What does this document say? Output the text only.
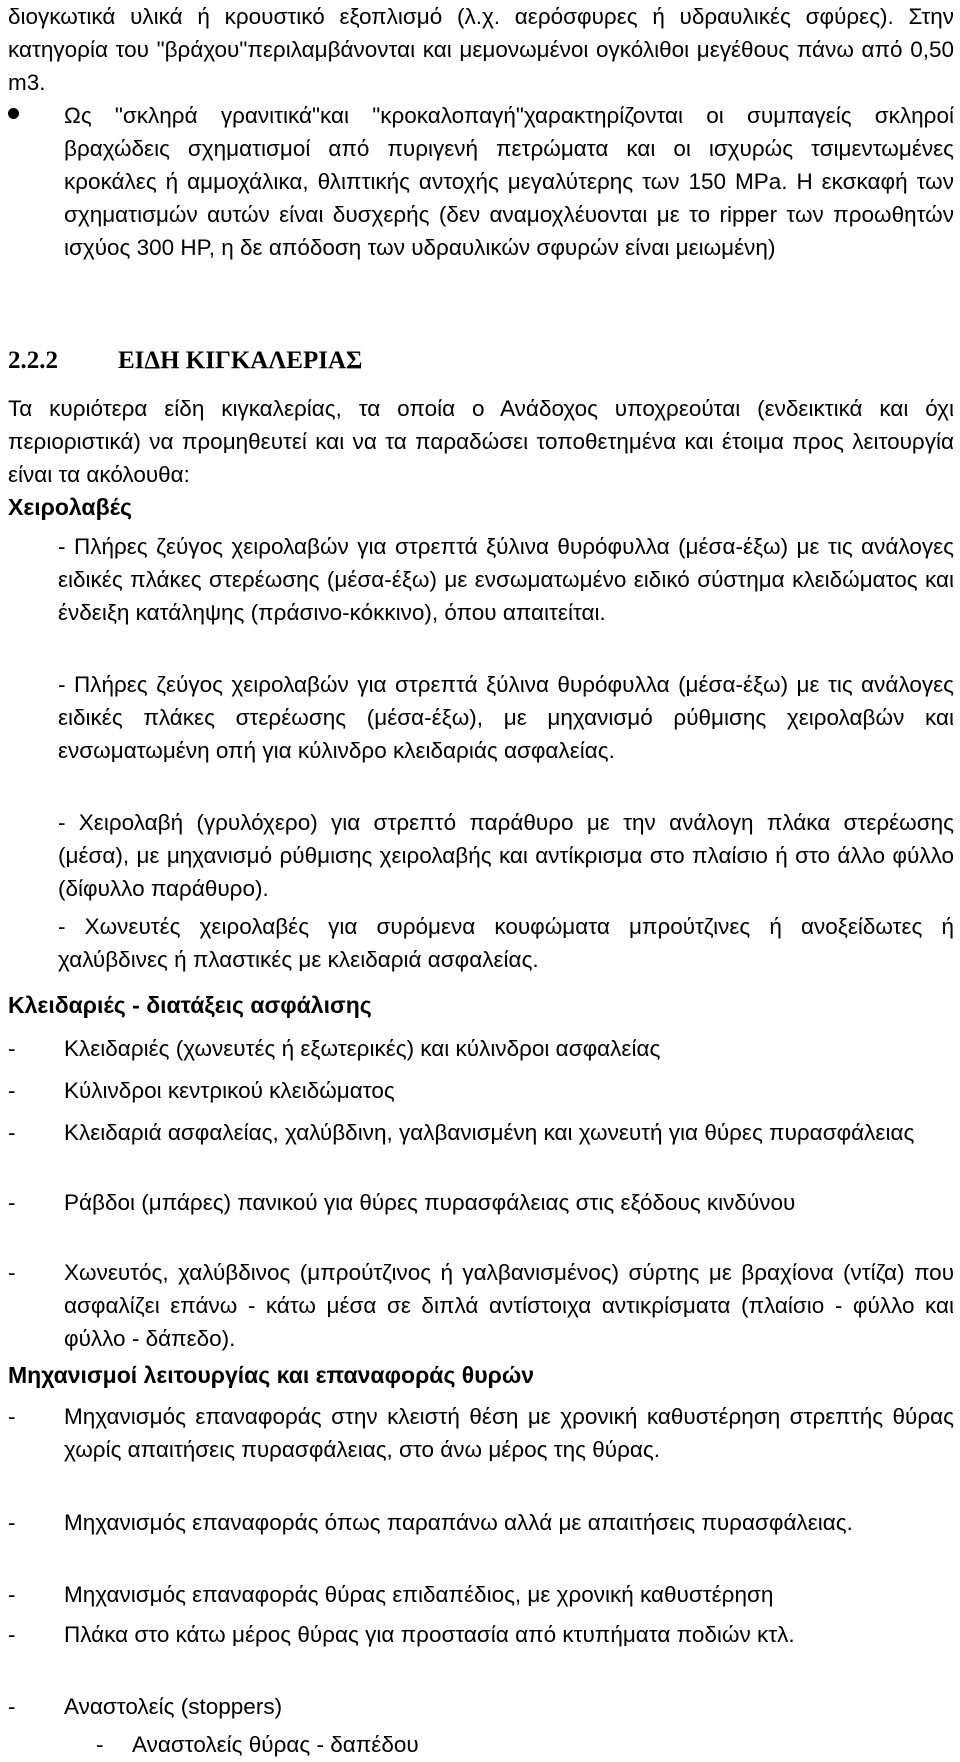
διογκωτικά υλικά ή κρουστικό εξοπλισμό (λ.χ. αερόσφυρες ή υδραυλικές σφύρες). Στην κατηγορία του "βράχου"περιλαμβάνονται και μεμονωμένοι ογκόλιθοι μεγέθους πάνω από 0,50 m3.

Ως "σκληρά γρανιτικά"και "κροκαλοπαγή"χαρακτηρίζονται οι συμπαγείς σκληροί βραχώδεις σχηματισμοί από πυριγενή πετρώματα και οι ισχυρώς τσιμεντωμένες κροκάλες ή αμμοχάλικα, θλιπτικής αντοχής μεγαλύτερης των 150 MPa. Η εκσκαφή των σχηματισμών αυτών είναι δυσχερής (δεν αναμοχλέυονται με το ripper των προωθητών ισχύος 300 HP, η δε απόδοση των υδραυλικών σφυρών είναι μειωμένη)

2.2.2 ΕΙΔΗ ΚΙΓΚΑΛΕΡΙΑΣ

Τα κυριότερα είδη κιγκαλερίας, τα οποία ο Ανάδοχος υποχρεούται (ενδεικτικά και όχι περιοριστικά) να προμηθευτεί και να τα παραδώσει τοποθετημένα και έτοιμα προς λειτουργία είναι τα ακόλουθα:

Χειρολαβές

- Πλήρες ζεύγος χειρολαβών για στρεπτά ξύλινα θυρόφυλλα (μέσα-έξω) με τις ανάλογες ειδικές πλάκες στερέωσης (μέσα-έξω) με ενσωματωμένο ειδικό σύστημα κλειδώματος και ένδειξη κατάληψης (πράσινο-κόκκινο), όπου απαιτείται.

- Πλήρες ζεύγος χειρολαβών για στρεπτά ξύλινα θυρόφυλλα (μέσα-έξω) με τις ανάλογες ειδικές πλάκες στερέωσης (μέσα-έξω), με μηχανισμό ρύθμισης χειρολαβών και ενσωματωμένη οπή για κύλινδρο κλειδαριάς ασφαλείας.

- Χειρολαβή (γρυλόχερο) για στρεπτό παράθυρο με την ανάλογη πλάκα στερέωσης (μέσα), με μηχανισμό ρύθμισης χειρολαβής και αντίκρισμα στο πλαίσιο ή στο άλλο φύλλο (δίφυλλο παράθυρο).

- Χωνευτές χειρολαβές για συρόμενα κουφώματα μπρούτζινες ή ανοξείδωτες ή χαλύβδινες ή πλαστικές με κλειδαριά ασφαλείας.

Κλειδαριές - διατάξεις ασφάλισης
- Κλειδαριές (χωνευτές ή εξωτερικές) και κύλινδροι ασφαλείας
- Κύλινδροι κεντρικού κλειδώματος
- Κλειδαριά ασφαλείας, χαλύβδινη, γαλβανισμένη και χωνευτή για θύρες πυρασφάλειας
- Ράβδοι (μπάρες) πανικού για θύρες πυρασφάλειας στις εξόδους κινδύνου
- Χωνευτός, χαλύβδινος (μπρούτζινος ή γαλβανισμένος) σύρτης με βραχίονα (ντίζα) που ασφαλίζει επάνω - κάτω μέσα σε διπλά αντίστοιχα αντικρίσματα (πλαίσιο - φύλλο και φύλλο - δάπεδο).
Μηχανισμοί λειτουργίας και επαναφοράς θυρών
- Μηχανισμός επαναφοράς στην κλειστή θέση με χρονική καθυστέρηση στρεπτής θύρας χωρίς απαιτήσεις πυρασφάλειας, στο άνω μέρος της θύρας.
- Μηχανισμός επαναφοράς όπως παραπάνω αλλά με απαιτήσεις πυρασφάλειας.
- Μηχανισμός επαναφοράς θύρας επιδαπέδιος, με χρονική καθυστέρηση
- Πλάκα στο κάτω μέρος θύρας για προστασία από κτυπήματα ποδιών κτλ.
- Αναστολείς (stoppers)
- Αναστολείς θύρας - δαπέδου
